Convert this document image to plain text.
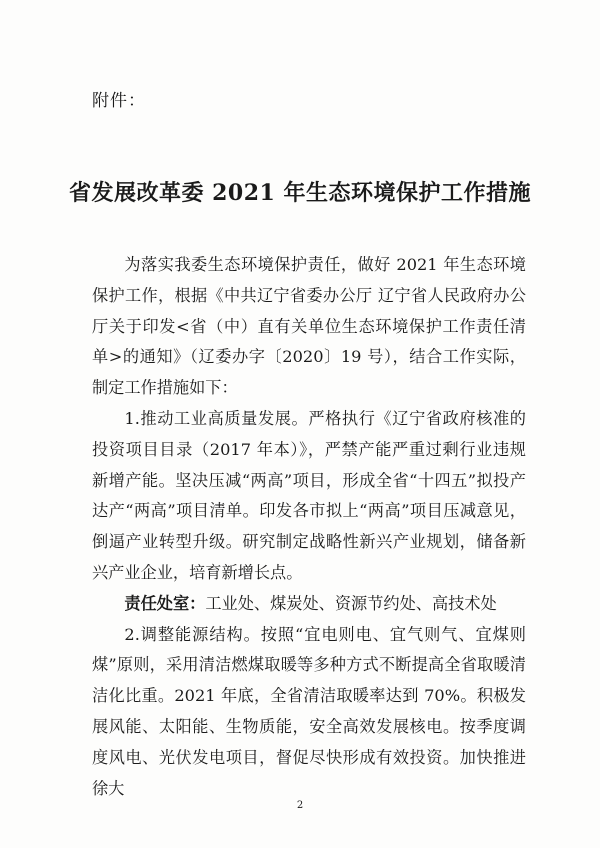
附件：
省发展改革委 2021 年生态环境保护工作措施

为落实我委生态环境保护责任，做好 2021 年生态环境保护工作，根据《中共辽宁省委办公厅 辽宁省人民政府办公厅关于印发<省（中）直有关单位生态环境保护工作责任清单>的通知》（辽委办字〔2020〕19 号），结合工作实际，制定工作措施如下：

1.推动工业高质量发展。严格执行《辽宁省政府核准的投资项目目录（2017 年本）》，严禁产能严重过剩行业违规新增产能。坚决压减“两高”项目，形成全省“十四五”拟投产达产“两高”项目清单。印发各市拟上“两高”项目压减意见，倒逼产业转型升级。研究制定战略性新兴产业规划，储备新兴产业企业，培育新增长点。

责任处室：工业处、煤炭处、资源节约处、高技术处

2.调整能源结构。按照“宜电则电、宜气则气、宜煤则煤”原则，采用清洁燃煤取暖等多种方式不断提高全省取暖清洁化比重。2021 年底，全省清洁取暖率达到 70%。积极发展风能、太阳能、生物质能，安全高效发展核电。按季度调度风电、光伏发电项目，督促尽快形成有效投资。加快推进徐大

2
